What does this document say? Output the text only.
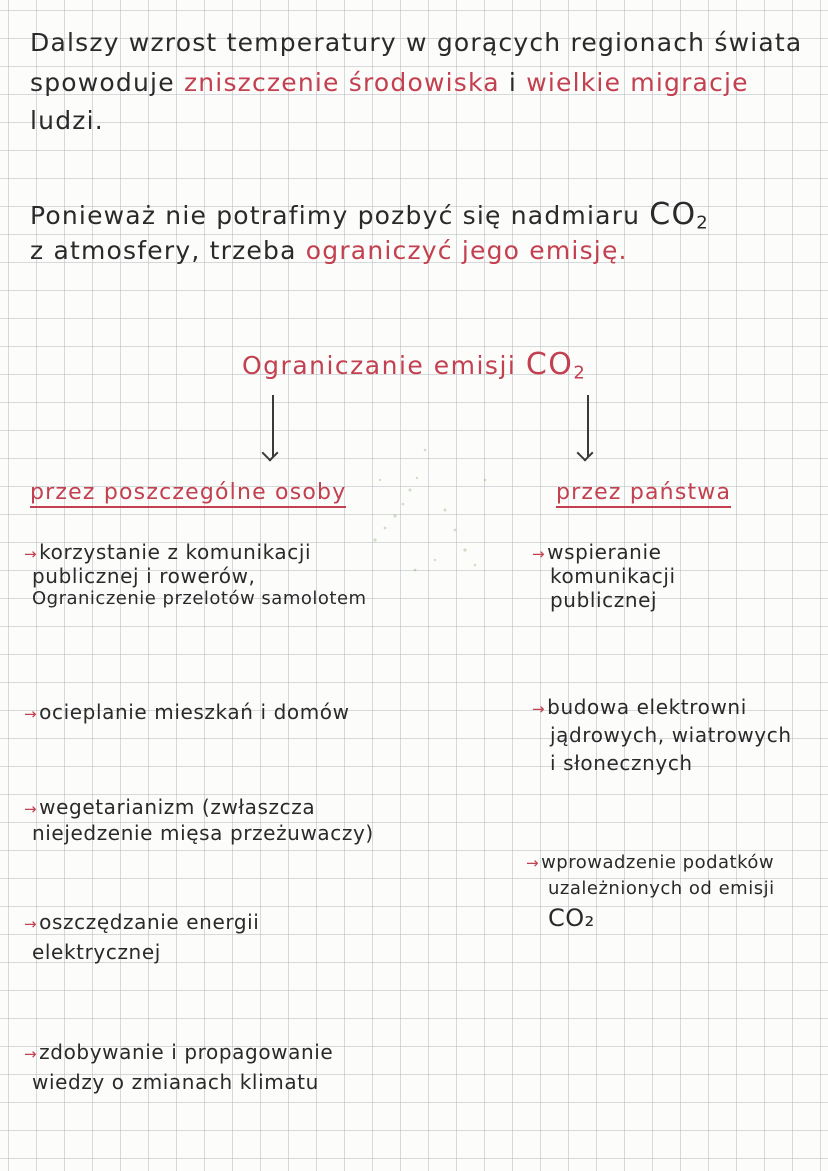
Dalszy wzrost temperatury w gorących regionach świata
spowoduje zniszczenie środowiska i wielkie migracje
ludzi.
Ponieważ nie potrafimy pozbyć się nadmiaru $CO_2$
z atmosfery, trzeba ograniczyć jego emisję.
Ograniczanie emisji $CO_2$
przez poszczególne osoby	przez państwa
→ korzystanie z komunikacji
publicznej i rowerów,
Ograniczenie przelotów samolotem
→ ocieplanie mieszkań i domów
→ wegetarianizm (zwłaszcza
niejedzenie mięsa przeżuwaczy)
→ oszczędzanie energii
elektrycznej
→ zdobywanie i propagowanie
wiedzy o zmianach klimatu
→ wspieranie
komunikacji
publicznej
→ budowa elektrowni
jądrowych, wiatrowych
i słonecznych
→ wprowadzenie podatków
uzależnionych od emisji
CO₂
